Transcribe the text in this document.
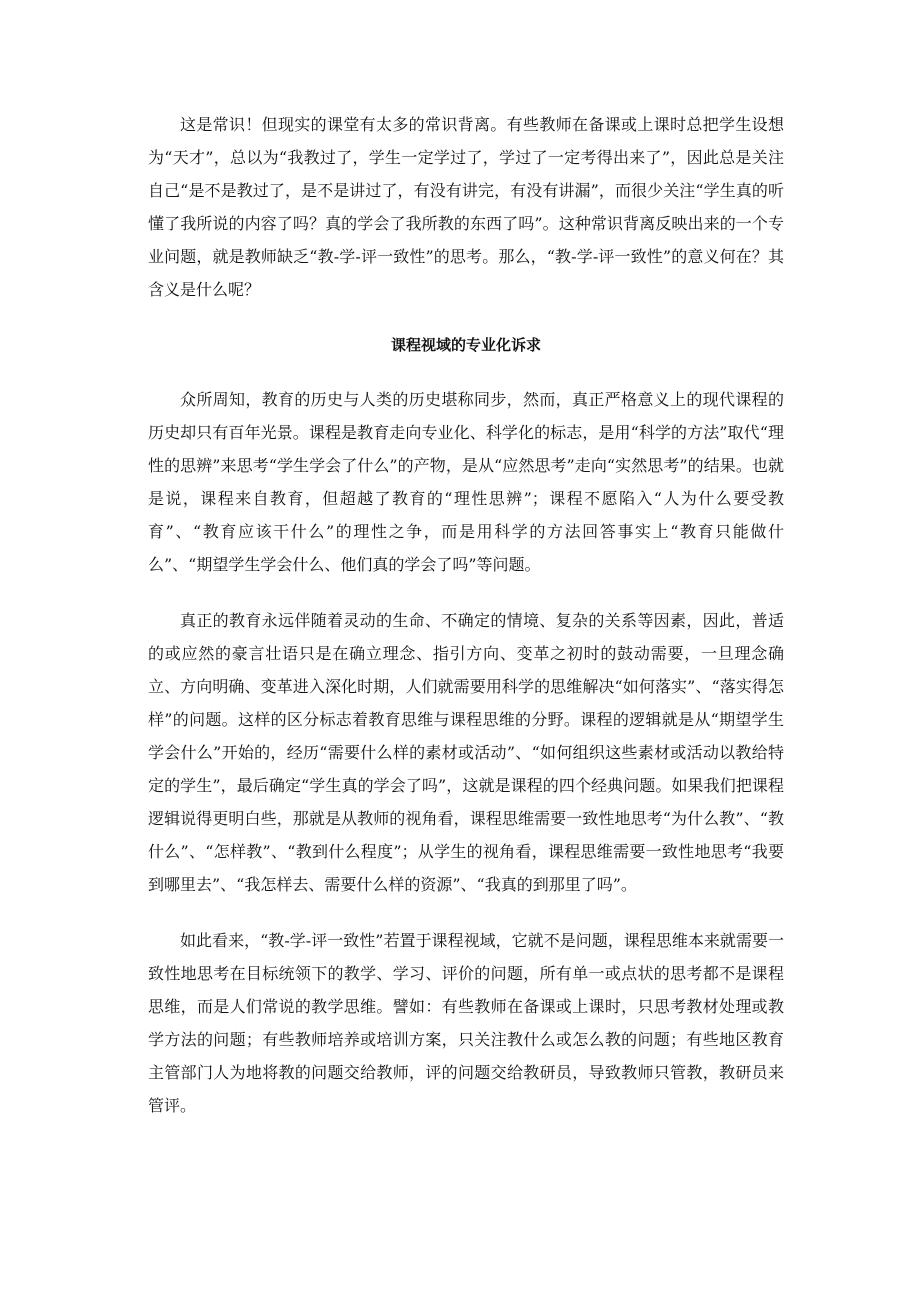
这是常识！但现实的课堂有太多的常识背离。有些教师在备课或上课时总把学生设想为“天才”，总以为“我教过了，学生一定学过了，学过了一定考得出来了”，因此总是关注自己“是不是教过了，是不是讲过了，有没有讲完，有没有讲漏”，而很少关注“学生真的听懂了我所说的内容了吗？真的学会了我所教的东西了吗”。这种常识背离反映出来的一个专业问题，就是教师缺乏“教-学-评一致性”的思考。那么，“教-学-评一致性”的意义何在？其含义是什么呢？

课程视域的专业化诉求

众所周知，教育的历史与人类的历史堪称同步，然而，真正严格意义上的现代课程的历史却只有百年光景。课程是教育走向专业化、科学化的标志，是用“科学的方法”取代“理性的思辨”来思考“学生学会了什么”的产物，是从“应然思考”走向“实然思考”的结果。也就是说，课程来自教育，但超越了教育的“理性思辨”；课程不愿陷入“人为什么要受教育”、“教育应该干什么”的理性之争，而是用科学的方法回答事实上“教育只能做什么”、“期望学生学会什么、他们真的学会了吗”等问题。

真正的教育永远伴随着灵动的生命、不确定的情境、复杂的关系等因素，因此，普适的或应然的豪言壮语只是在确立理念、指引方向、变革之初时的鼓动需要，一旦理念确立、方向明确、变革进入深化时期，人们就需要用科学的思维解决“如何落实”、“落实得怎样”的问题。这样的区分标志着教育思维与课程思维的分野。课程的逻辑就是从“期望学生学会什么”开始的，经历“需要什么样的素材或活动”、“如何组织这些素材或活动以教给特定的学生”，最后确定“学生真的学会了吗”，这就是课程的四个经典问题。如果我们把课程逻辑说得更明白些，那就是从教师的视角看，课程思维需要一致性地思考“为什么教”、“教什么”、“怎样教”、“教到什么程度”；从学生的视角看，课程思维需要一致性地思考“我要到哪里去”、“我怎样去、需要什么样的资源”、“我真的到那里了吗”。

如此看来，“教-学-评一致性”若置于课程视域，它就不是问题，课程思维本来就需要一致性地思考在目标统领下的教学、学习、评价的问题，所有单一或点状的思考都不是课程思维，而是人们常说的教学思维。譬如：有些教师在备课或上课时，只思考教材处理或教学方法的问题；有些教师培养或培训方案，只关注教什么或怎么教的问题；有些地区教育主管部门人为地将教的问题交给教师，评的问题交给教研员，导致教师只管教，教研员来管评。
